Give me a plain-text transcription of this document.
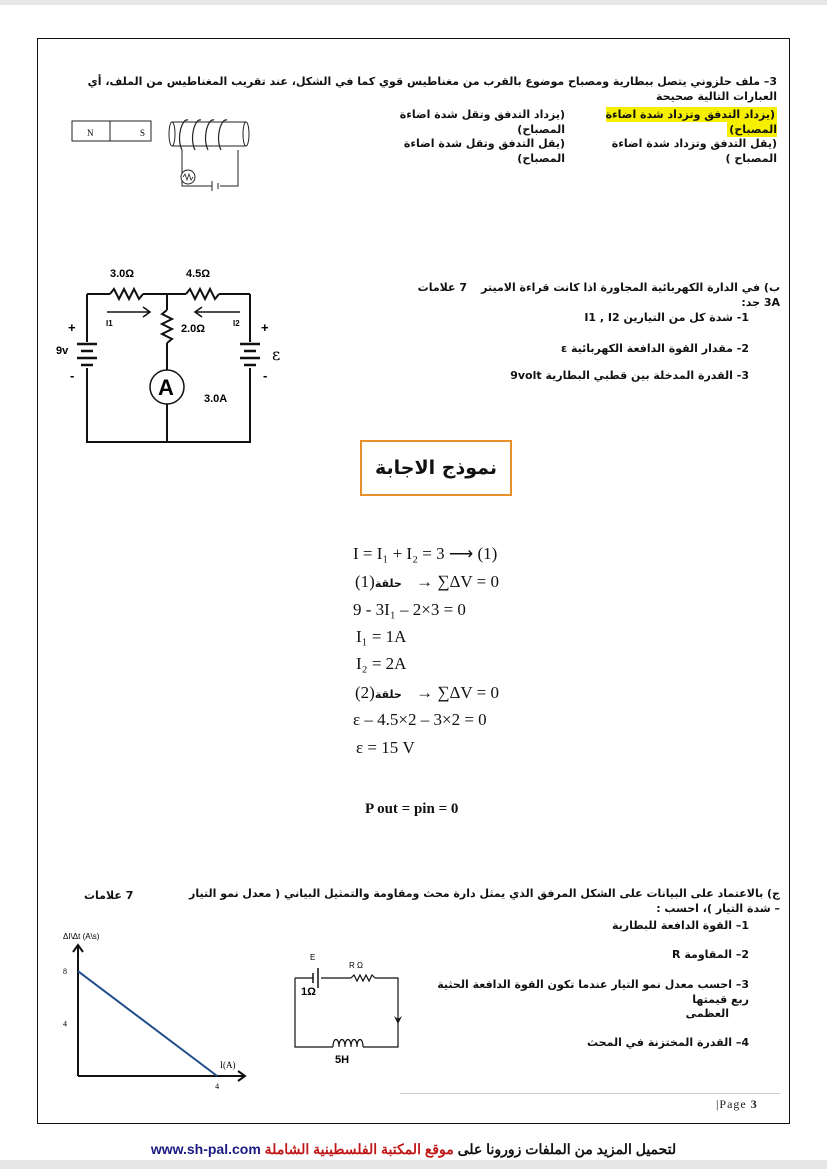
3– ملف حلزوني يتصل ببطارية ومصباح موضوع بالقرب من مغناطيس قوي كما في الشكل، عند تقريب المغناطيس من الملف، أي العبارات التالية صحيحة
(يزداد التدفق وتزداد شدة اضاءة المصباح)
(يزداد التدفق وتقل شدة اضاءة المصباح)
(يقل التدفق وتزداد شدة اضاءة المصباح )
(يقل التدفق وتقل شدة اضاءة المصباح)
N	S
ب) في الدارة الكهربائية المجاورة اذا كانت قراءة الاميتر 3A جد:
7 علامات
1- شدة كل من التيارين I1 , I2
2- مقدار القوة الدافعة الكهربائية ε
3- القدرة المدخلة بين قطبي البطارية 9volt
A
3.0Ω	4.5Ω
2.0Ω
I1	I2
9v	ε
3.0A
+
-
+
-
نموذج الاجابة
I = I₁ + I₂ = 3 ⟶ (1)
حلقة(1) → ∑ΔV = 0
9 - 3I₁ – 2×3 = 0
I₁ = 1A
I₂ = 2A
حلقة(2) → ∑ΔV = 0
ε – 4.5×2 – 3×2 = 0
ε = 15 V
P out = pin = 0
ج) بالاعتماد على البيانات على الشكل المرفق الذي يمثل دارة محث ومقاومة والتمثيل البياني ( معدل نمو التيار – شدة التيار )، احسب :
7 علامات
1– القوة الدافعة للبطارية
2– المقاومة R
3– احسب معدل نمو التيار عندما تكون القوة الدافعة الحثية ربع قيمتها
العظمى
4– القدرة المختزنة في المحث
ΔI\Δt (A\s)
I(A)
4
8
4
E
R Ω
1Ω
5H
|Page 3
لتحميل المزيد من الملفات زورونا على موقع المكتبة الفلسطينية الشاملة www.sh-pal.com
